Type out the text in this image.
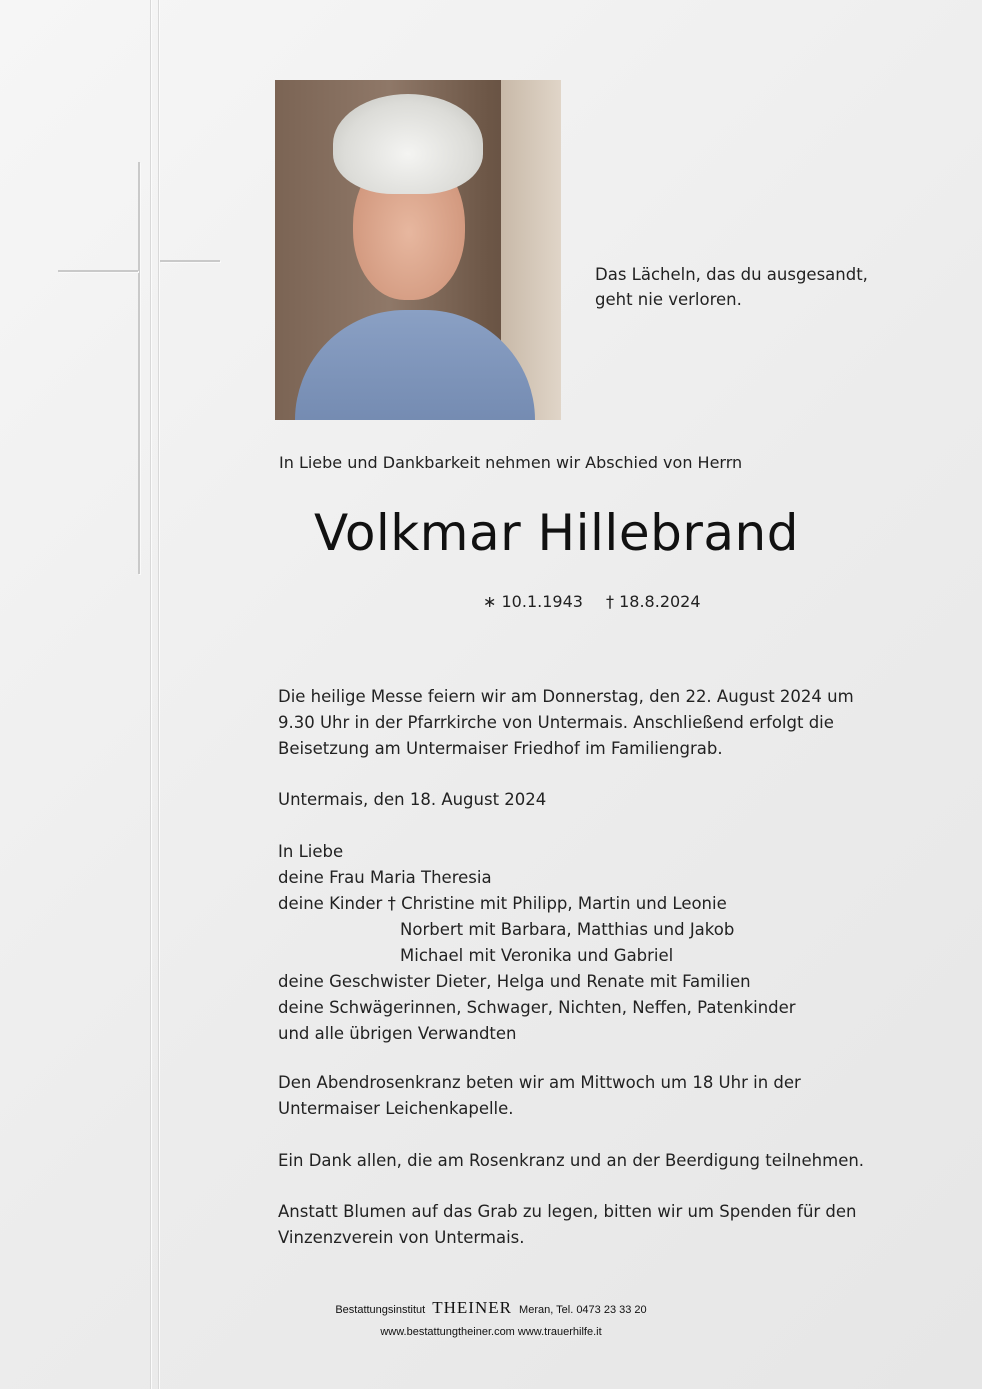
Das Lächeln, das du ausgesandt,
geht nie verloren.

In Liebe und Dankbarkeit nehmen wir Abschied von Herrn

Volkmar Hillebrand

∗ 10.1.1943 † 18.8.2024

Die heilige Messe feiern wir am Donnerstag, den 22. August 2024 um
9.30 Uhr in der Pfarrkirche von Untermais. Anschließend erfolgt die
Beisetzung am Untermaiser Friedhof im Familiengrab.

Untermais, den 18. August 2024

In Liebe
deine Frau Maria Theresia
deine Kinder † Christine mit Philipp, Martin und Leonie
Norbert mit Barbara, Matthias und Jakob
Michael mit Veronika und Gabriel
deine Geschwister Dieter, Helga und Renate mit Familien
deine Schwägerinnen, Schwager, Nichten, Neffen, Patenkinder
und alle übrigen Verwandten
Den Abendrosenkranz beten wir am Mittwoch um 18 Uhr in der
Untermaiser Leichenkapelle.

Ein Dank allen, die am Rosenkranz und an der Beerdigung teilnehmen.

Anstatt Blumen auf das Grab zu legen, bitten wir um Spenden für den
Vinzenzverein von Untermais.
Bestattungsinstitut THEINER Meran, Tel. 0473 23 33 20
www.bestattungtheiner.com www.trauerhilfe.it
